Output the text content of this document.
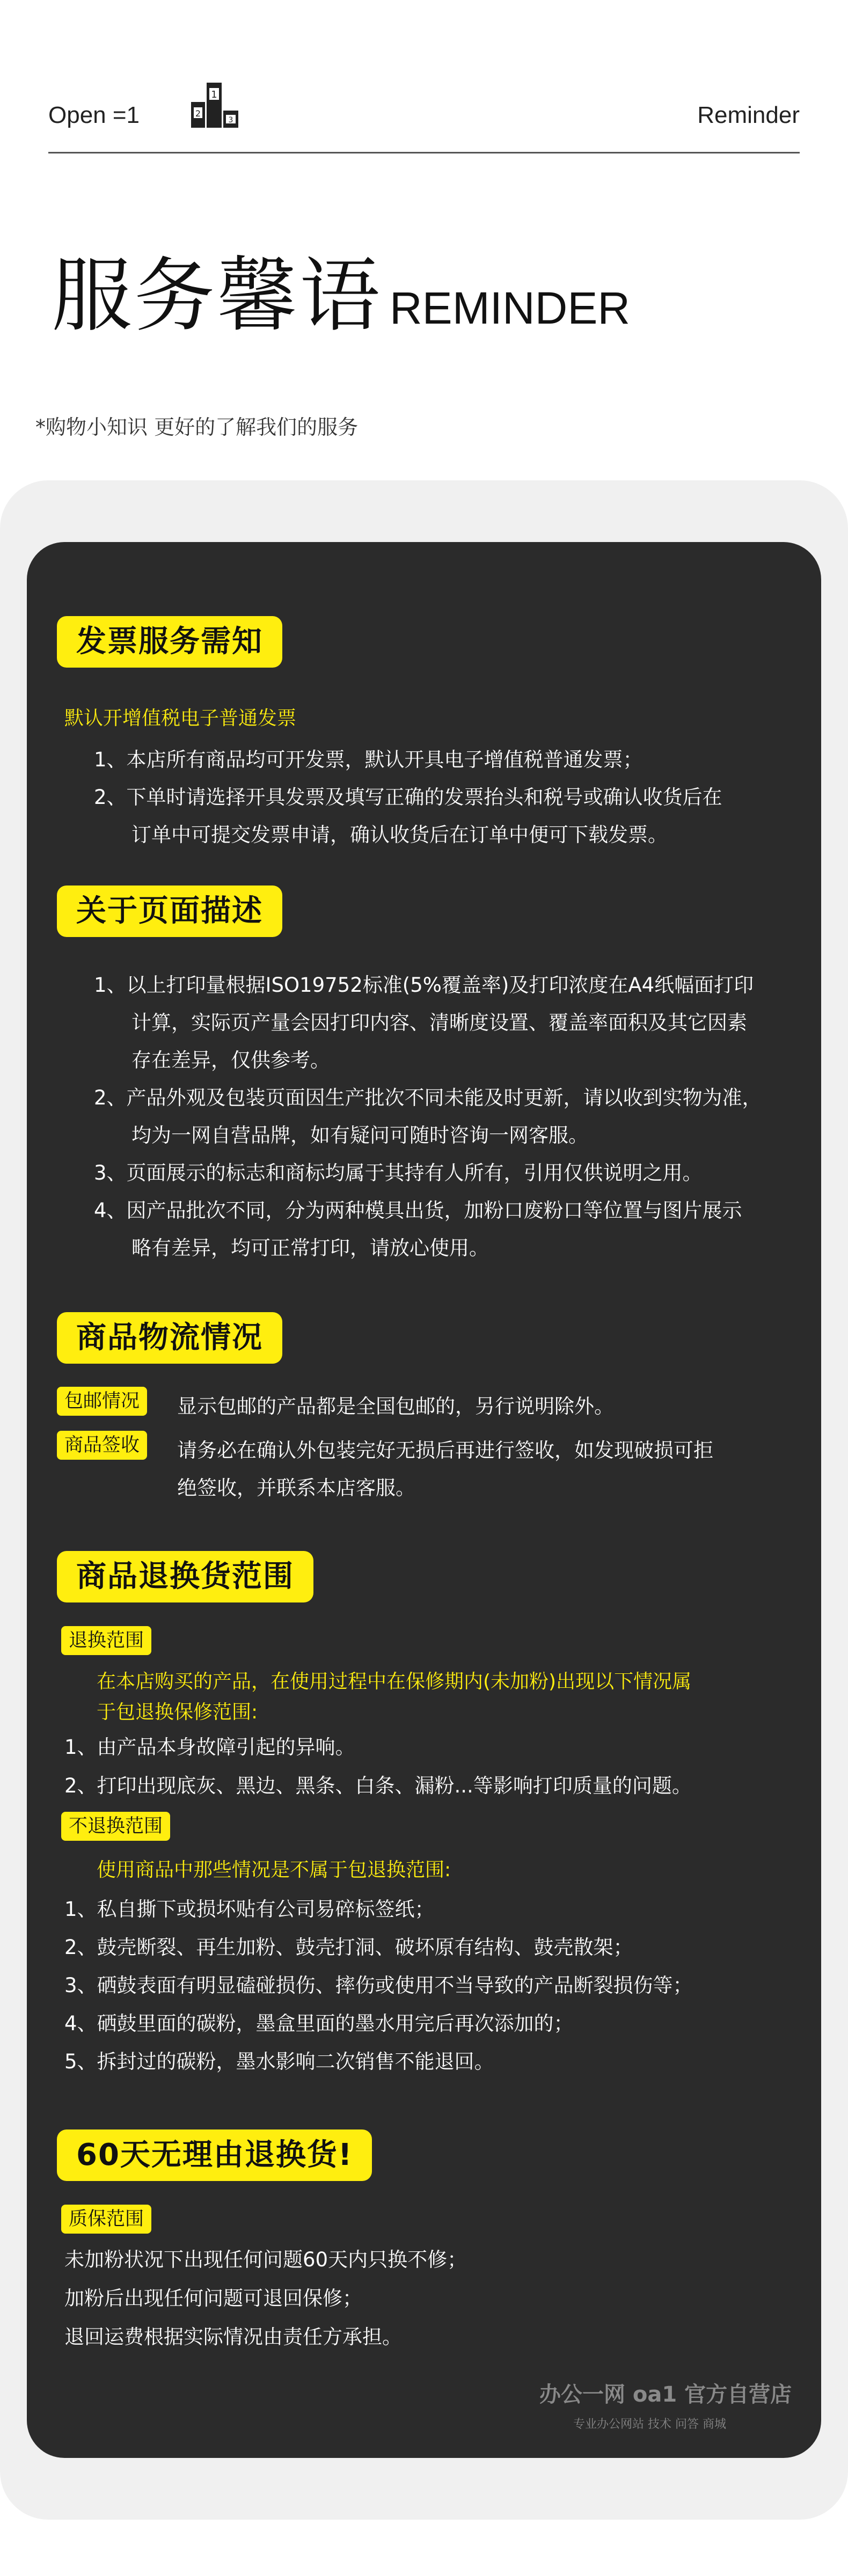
Open =1
1
2
3	Reminder
服务馨语 REMINDER
*购物小知识 更好的了解我们的服务
发票服务需知
默认开增值税电子普通发票
1、本店所有商品均可开发票，默认开具电子增值税普通发票；
2、下单时请选择开具发票及填写正确的发票抬头和税号或确认收货后在
订单中可提交发票申请，确认收货后在订单中便可下载发票。
关于页面描述
1、以上打印量根据ISO19752标准(5%覆盖率)及打印浓度在A4纸幅面打印
计算，实际页产量会因打印内容、清晰度设置、覆盖率面积及其它因素
存在差异，仅供参考。
2、产品外观及包装页面因生产批次不同未能及时更新，请以收到实物为准，
均为一网自营品牌，如有疑问可随时咨询一网客服。
3、页面展示的标志和商标均属于其持有人所有，引用仅供说明之用。
4、因产品批次不同，分为两种模具出货，加粉口废粉口等位置与图片展示
略有差异，均可正常打印，请放心使用。
商品物流情况
包邮情况	显示包邮的产品都是全国包邮的，另行说明除外。
商品签收	请务必在确认外包装完好无损后再进行签收，如发现破损可拒
绝签收，并联系本店客服。
商品退换货范围
退换范围
在本店购买的产品，在使用过程中在保修期内(未加粉)出现以下情况属
于包退换保修范围:
1、由产品本身故障引起的异响。
2、打印出现底灰、黑边、黑条、白条、漏粉...等影响打印质量的问题。
不退换范围
使用商品中那些情况是不属于包退换范围:
1、私自撕下或损坏贴有公司易碎标签纸；
2、鼓壳断裂、再生加粉、鼓壳打洞、破坏原有结构、鼓壳散架；
3、硒鼓表面有明显磕碰损伤、摔伤或使用不当导致的产品断裂损伤等；
4、硒鼓里面的碳粉，墨盒里面的墨水用完后再次添加的；
5、拆封过的碳粉，墨水影响二次销售不能退回。
60天无理由退换货!
质保范围
未加粉状况下出现任何问题60天内只换不修；
加粉后出现任何问题可退回保修；
退回运费根据实际情况由责任方承担。
办公一网 oa1 官方自营店
专业办公网站 技术 问答 商城
